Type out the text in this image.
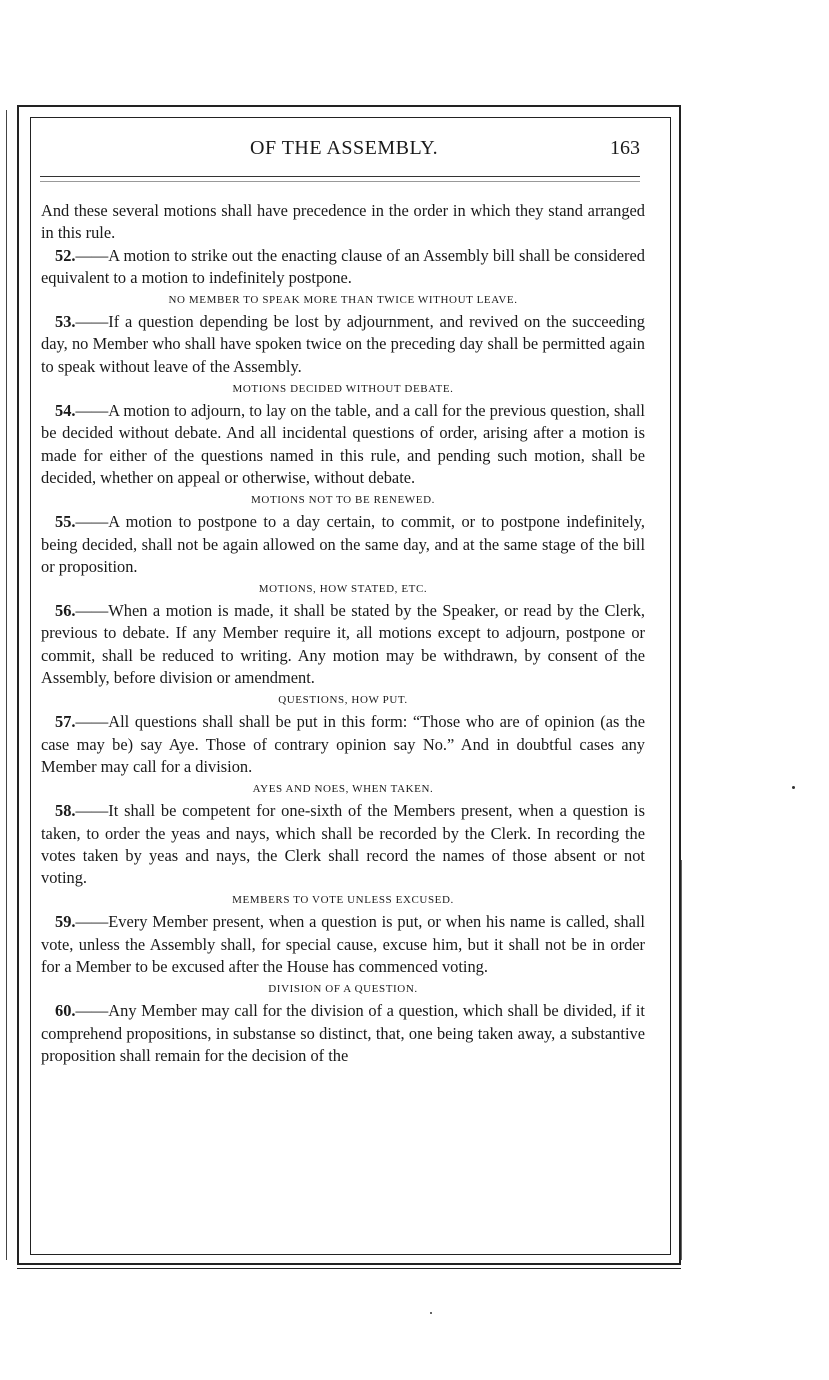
OF THE ASSEMBLY.	163

And these several motions shall have precedence in the order in which they stand arranged in this rule.

52.——A motion to strike out the enacting clause of an Assembly bill shall be considered equivalent to a motion to indefinitely postpone.

NO MEMBER TO SPEAK MORE THAN TWICE WITHOUT LEAVE.

53.——If a question depending be lost by adjournment, and revived on the succeeding day, no Member who shall have spoken twice on the preceding day shall be permitted again to speak without leave of the Assembly.

MOTIONS DECIDED WITHOUT DEBATE.

54.——A motion to adjourn, to lay on the table, and a call for the previous question, shall be decided without debate. And all incidental questions of order, arising after a motion is made for either of the questions named in this rule, and pending such motion, shall be decided, whether on appeal or otherwise, without debate.

MOTIONS NOT TO BE RENEWED.

55.——A motion to postpone to a day certain, to commit, or to postpone indefinitely, being decided, shall not be again allowed on the same day, and at the same stage of the bill or proposition.

MOTIONS, HOW STATED, ETC.

56.——When a motion is made, it shall be stated by the Speaker, or read by the Clerk, previous to debate. If any Member require it, all motions except to adjourn, postpone or commit, shall be reduced to writing. Any motion may be withdrawn, by consent of the Assembly, before division or amendment.

QUESTIONS, HOW PUT.

57.——All questions shall shall be put in this form: “Those who are of opinion (as the case may be) say Aye. Those of contrary opinion say No.” And in doubtful cases any Member may call for a division.

AYES AND NOES, WHEN TAKEN.

58.——It shall be competent for one-sixth of the Members present, when a question is taken, to order the yeas and nays, which shall be recorded by the Clerk. In recording the votes taken by yeas and nays, the Clerk shall record the names of those absent or not voting.

MEMBERS TO VOTE UNLESS EXCUSED.

59.——Every Member present, when a question is put, or when his name is called, shall vote, unless the Assembly shall, for special cause, excuse him, but it shall not be in order for a Member to be excused after the House has commenced voting.

DIVISION OF A QUESTION.

60.——Any Member may call for the division of a question, which shall be divided, if it comprehend propositions, in substanse so distinct, that, one being taken away, a substantive proposition shall remain for the decision of the
